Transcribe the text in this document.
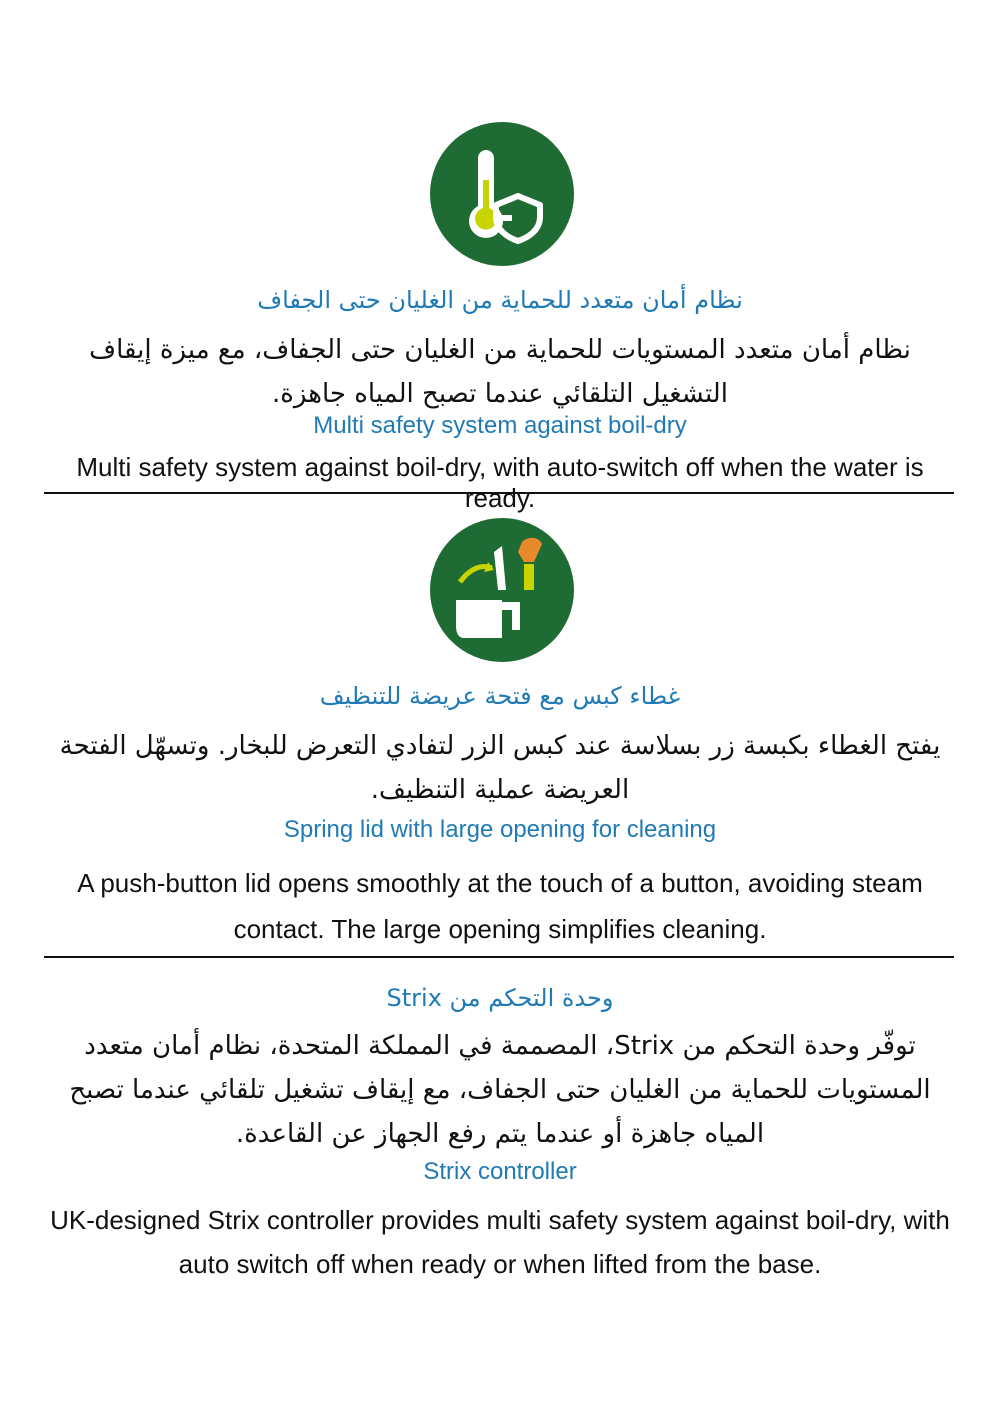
نظام أمان متعدد للحماية من الغليان حتى الجفاف
نظام أمان متعدد المستويات للحماية من الغليان حتى الجفاف، مع ميزة إيقاف التشغيل التلقائي عندما تصبح المياه جاهزة.
Multi safety system against boil-dry
Multi safety system against boil-dry, with auto-switch off when the water is ready.
غطاء كبس مع فتحة عريضة للتنظيف
يفتح الغطاء بكبسة زر بسلاسة عند كبس الزر لتفادي التعرض للبخار. وتسهّل الفتحة العريضة عملية التنظيف.
Spring lid with large opening for cleaning
A push-button lid opens smoothly at the touch of a button, avoiding steam contact. The large opening simplifies cleaning.
وحدة التحكم من Strix
توفّر وحدة التحكم من Strix، المصممة في المملكة المتحدة، نظام أمان متعدد المستويات للحماية من الغليان حتى الجفاف، مع إيقاف تشغيل تلقائي عندما تصبح المياه جاهزة أو عندما يتم رفع الجهاز عن القاعدة.
Strix controller
UK-designed Strix controller provides multi safety system against boil-dry, with auto switch off when ready or when lifted from the base.
